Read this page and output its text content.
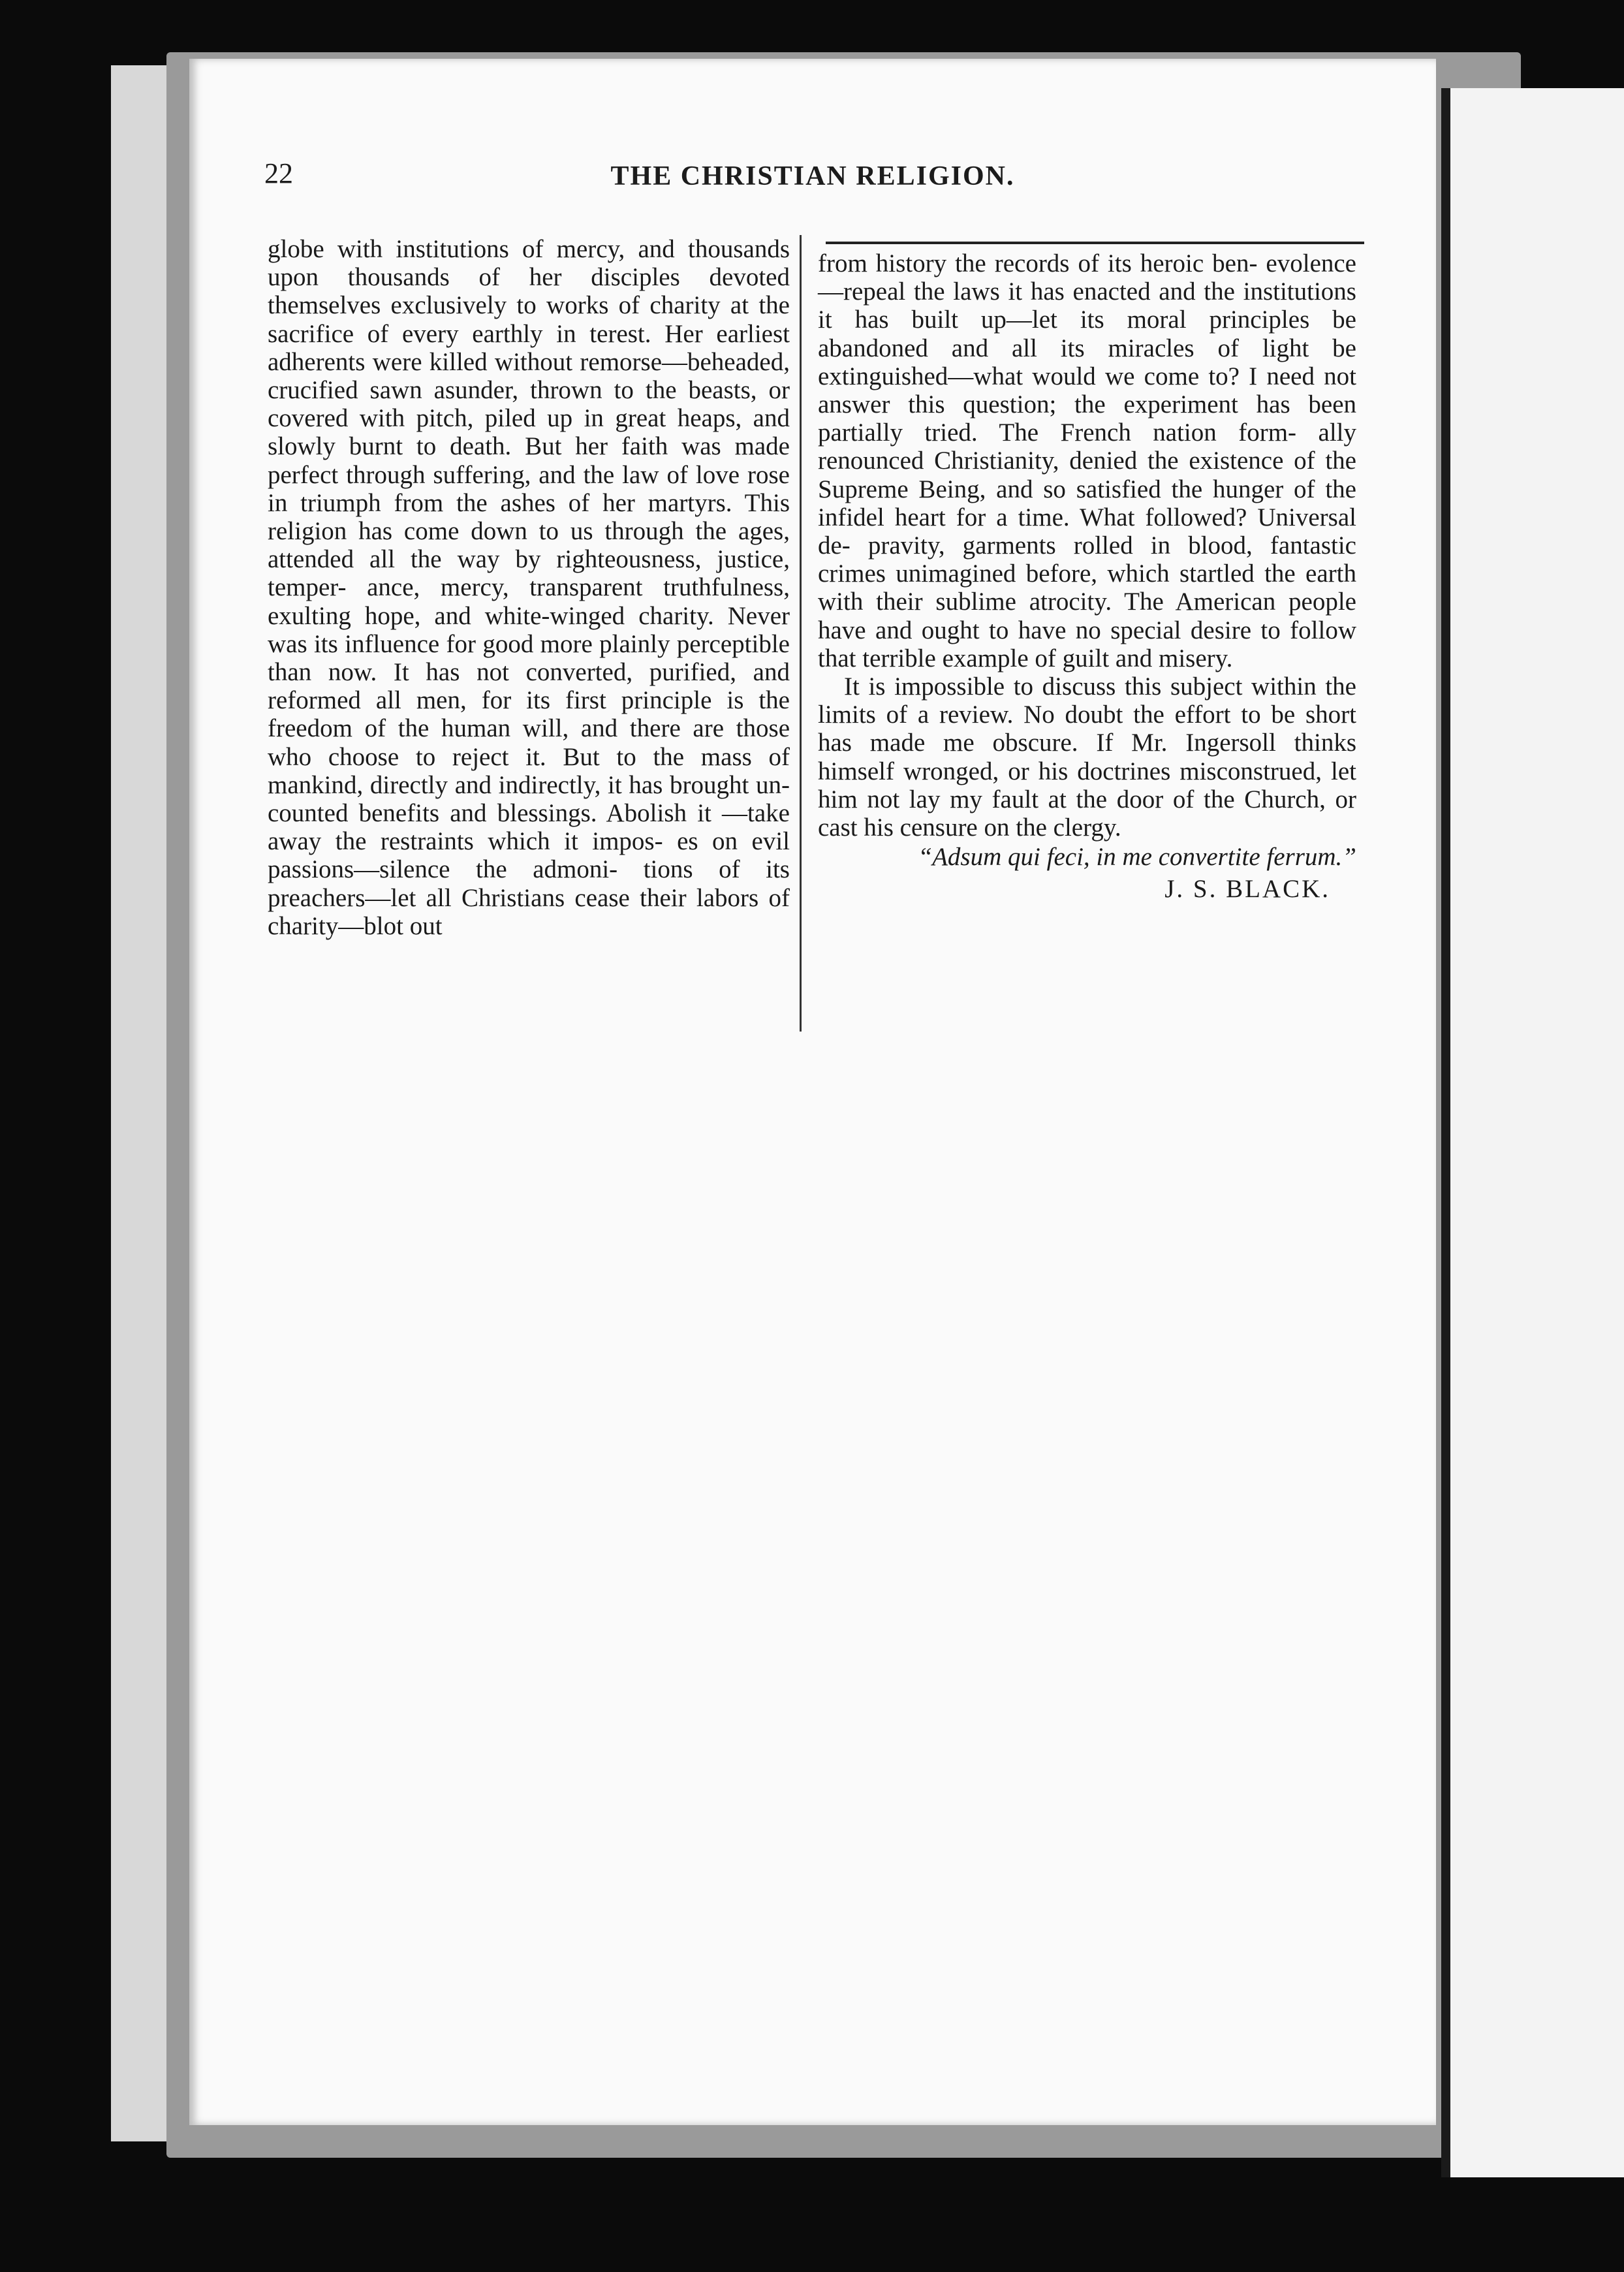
22	THE CHRISTIAN RELIGION.

globe with institutions of mercy, and thousands upon thousands of her disciples devoted themselves exclusively to works of charity at the sacrifice of every earthly in terest. Her earliest adherents were killed without remorse—beheaded, crucified sawn asunder, thrown to the beasts, or covered with pitch, piled up in great heaps, and slowly burnt to death. But her faith was made perfect through suffering, and the law of love rose in triumph from the ashes of her martyrs. This religion has come down to us through the ages, attended all the way by righteousness, justice, temper- ance, mercy, transparent truthfulness, exulting hope, and white-winged charity. Never was its influence for good more plainly perceptible than now. It has not converted, purified, and reformed all men, for its first principle is the freedom of the human will, and there are those who choose to reject it. But to the mass of mankind, directly and indirectly, it has brought un- counted benefits and blessings. Abolish it —take away the restraints which it impos- es on evil passions—silence the admoni- tions of its preachers—let all Christians cease their labors of charity—blot out

from history the records of its heroic ben- evolence—repeal the laws it has enacted and the institutions it has built up—let its moral principles be abandoned and all its miracles of light be extinguished—what would we come to? I need not answer this question; the experiment has been partially tried. The French nation form- ally renounced Christianity, denied the existence of the Supreme Being, and so satisfied the hunger of the infidel heart for a time. What followed? Universal de- pravity, garments rolled in blood, fantastic crimes unimagined before, which startled the earth with their sublime atrocity. The American people have and ought to have no special desire to follow that terrible example of guilt and misery.

It is impossible to discuss this subject within the limits of a review. No doubt the effort to be short has made me obscure. If Mr. Ingersoll thinks himself wronged, or his doctrines misconstrued, let him not lay my fault at the door of the Church, or cast his censure on the clergy.

“Adsum qui feci, in me convertite ferrum.”

J. S. BLACK.
